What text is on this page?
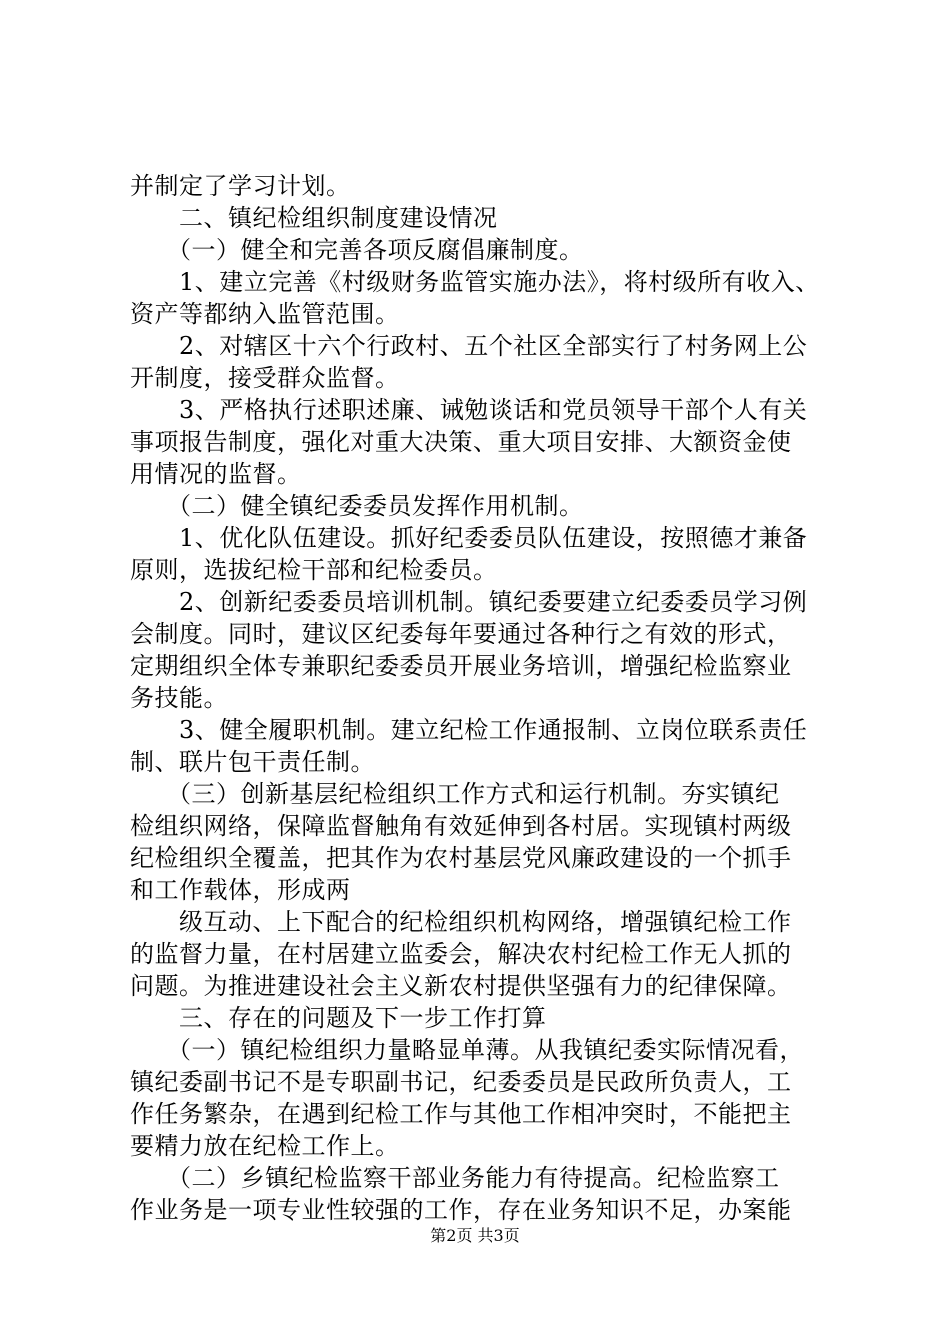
并制定了学习计划。
　　二、镇纪检组织制度建设情况
　　（一）健全和完善各项反腐倡廉制度。
　　1、建立完善《村级财务监管实施办法》，将村级所有收入、
资产等都纳入监管范围。
　　2、对辖区十六个行政村、五个社区全部实行了村务网上公
开制度，接受群众监督。
　　3、严格执行述职述廉、诫勉谈话和党员领导干部个人有关
事项报告制度，强化对重大决策、重大项目安排、大额资金使
用情况的监督。
　　（二）健全镇纪委委员发挥作用机制。
　　1、优化队伍建设。抓好纪委委员队伍建设，按照德才兼备
原则，选拔纪检干部和纪检委员。
　　2、创新纪委委员培训机制。镇纪委要建立纪委委员学习例
会制度。同时，建议区纪委每年要通过各种行之有效的形式，
定期组织全体专兼职纪委委员开展业务培训，增强纪检监察业
务技能。
　　3、健全履职机制。建立纪检工作通报制、立岗位联系责任
制、联片包干责任制。
　　（三）创新基层纪检组织工作方式和运行机制。夯实镇纪
检组织网络，保障监督触角有效延伸到各村居。实现镇村两级
纪检组织全覆盖，把其作为农村基层党风廉政建设的一个抓手
和工作载体，形成两
　　级互动、上下配合的纪检组织机构网络，增强镇纪检工作
的监督力量，在村居建立监委会，解决农村纪检工作无人抓的
问题。为推进建设社会主义新农村提供坚强有力的纪律保障。
　　三、存在的问题及下一步工作打算
　　（一）镇纪检组织力量略显单薄。从我镇纪委实际情况看，
镇纪委副书记不是专职副书记，纪委委员是民政所负责人，工
作任务繁杂，在遇到纪检工作与其他工作相冲突时，不能把主
要精力放在纪检工作上。
　　（二）乡镇纪检监察干部业务能力有待提高。纪检监察工
作业务是一项专业性较强的工作，存在业务知识不足，办案能
第2页 共3页
